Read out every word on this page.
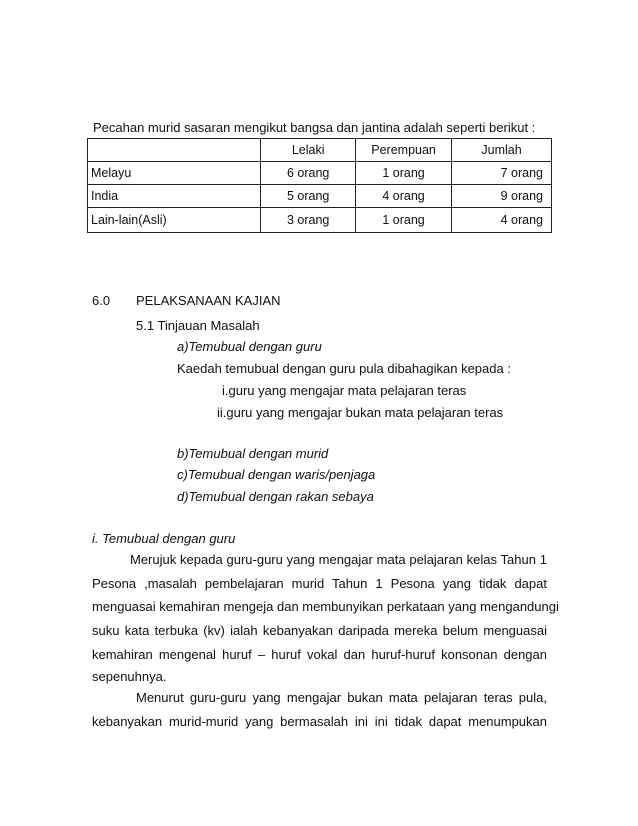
Pecahan murid sasaran mengikut bangsa dan jantina adalah seperti berikut :
	Lelaki	Perempuan	Jumlah
Melayu	6 orang	1 orang	7 orang
India	5 orang	4 orang	9 orang
Lain-lain(Asli)	3 orang	1 orang	4 orang
6.0 PELAKSANAAN KAJIAN
5.1 Tinjauan Masalah
a)Temubual dengan guru
Kaedah temubual dengan guru pula dibahagikan kepada :
i.guru yang mengajar mata pelajaran teras
ii.guru yang mengajar bukan mata pelajaran teras
b)Temubual dengan murid
c)Temubual dengan waris/penjaga
d)Temubual dengan rakan sebaya
i. Temubual dengan guru
Merujuk kepada guru-guru yang mengajar mata pelajaran kelas Tahun 1
Pesona ,masalah pembelajaran murid Tahun 1 Pesona yang tidak dapat
menguasai kemahiran mengeja dan membunyikan perkataan yang mengandungi
suku kata terbuka (kv) ialah kebanyakan daripada mereka belum menguasai
kemahiran mengenal huruf – huruf vokal dan huruf-huruf konsonan dengan
sepenuhnya.
Menurut guru-guru yang mengajar bukan mata pelajaran teras pula,
kebanyakan murid-murid yang bermasalah ini ini tidak dapat menumpukan
